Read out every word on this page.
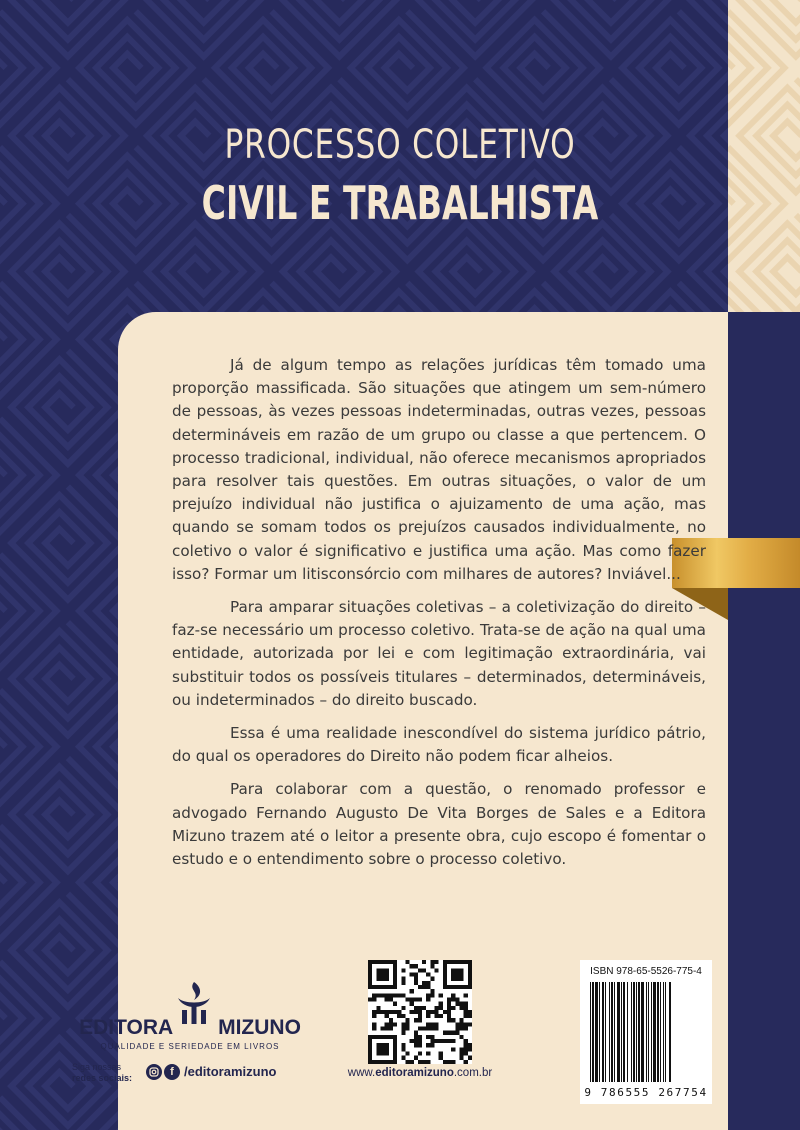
PROCESSO COLETIVO
CIVIL E TRABALHISTA

Já de algum tempo as relações jurídicas têm tomado uma proporção massificada. São situações que atingem um sem-número de pessoas, às vezes pessoas indeterminadas, outras vezes, pessoas determináveis em razão de um grupo ou classe a que pertencem. O processo tradicional, individual, não oferece mecanismos apropriados para resolver tais questões. Em outras situações, o valor de um prejuízo individual não justifica o ajuizamento de uma ação, mas quando se somam todos os prejuízos causados individualmente, no coletivo o valor é significativo e justifica uma ação. Mas como fazer isso? Formar um litisconsórcio com milhares de autores? Inviável...

Para amparar situações coletivas – a coletivização do direito – faz-se necessário um processo coletivo. Trata-se de ação na qual uma entidade, autorizada por lei e com legitimação extraordinária, vai substituir todos os possíveis titulares – determinados, determináveis, ou indeterminados – do direito buscado.

Essa é uma realidade inescondível do sistema jurídico pátrio, do qual os operadores do Direito não podem ficar alheios.

Para colaborar com a questão, o renomado professor e advogado Fernando Augusto De Vita Borges de Sales e a Editora Mizuno trazem até o leitor a presente obra, cujo escopo é fomentar o estudo e o entendimento sobre o processo coletivo.

EDITORA MIZUNO
QUALIDADE E SERIEDADE EM LIVROS
Siga nossas
redes sociais:	f /editoramizuno	www.editoramizuno.com.br
ISBN 978-65-5526-775-4
9 786555 267754
